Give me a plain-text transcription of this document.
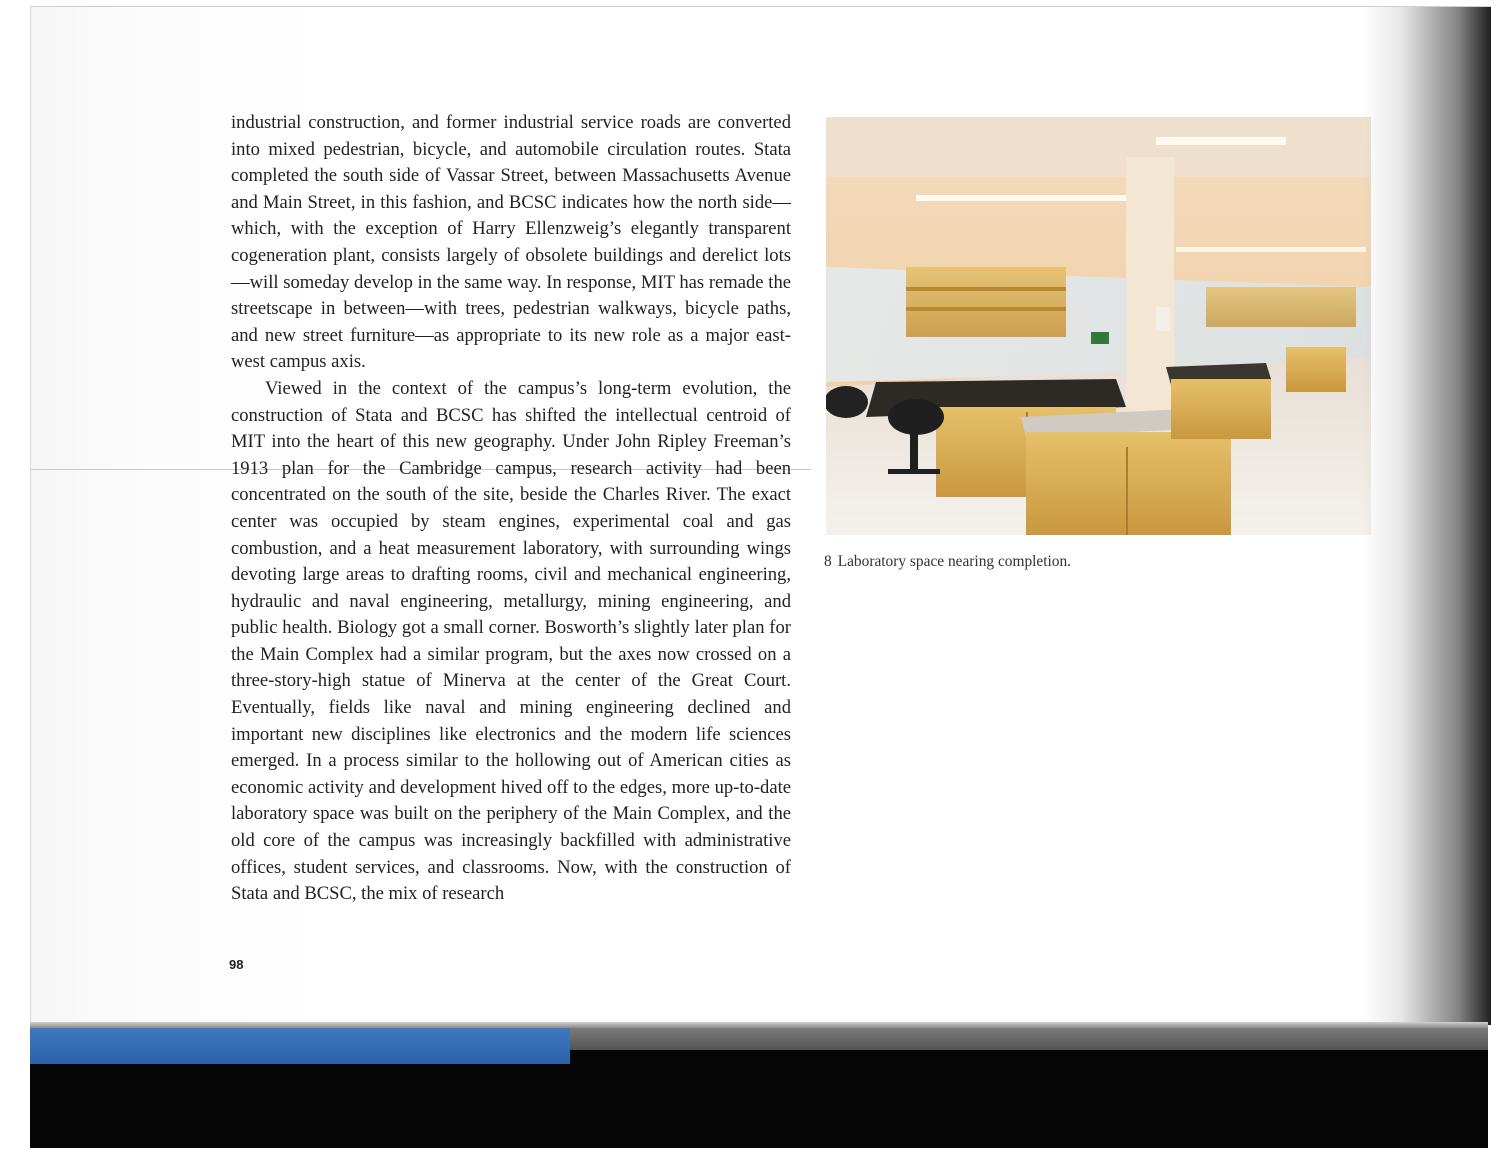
industrial construction, and former industrial service roads are converted into mixed pedestrian, bicycle, and automobile circulation routes. Stata completed the south side of Vassar Street, between Massachusetts Avenue and Main Street, in this fashion, and BCSC indicates how the north side—which, with the exception of Harry Ellenzweig’s elegantly transparent cogeneration plant, consists largely of obsolete buildings and derelict lots—will someday develop in the same way. In response, MIT has remade the streetscape in between—with trees, pedestrian walkways, bicycle paths, and new street furniture—as appropriate to its new role as a major east-west campus axis.

Viewed in the context of the campus’s long-term evolution, the construction of Stata and BCSC has shifted the intellectual centroid of MIT into the heart of this new geography. Under John Ripley Freeman’s 1913 plan for the Cambridge campus, research activity had been concentrated on the south of the site, beside the Charles River. The exact center was occupied by steam engines, experimental coal and gas combustion, and a heat measurement laboratory, with surrounding wings devoting large areas to drafting rooms, civil and mechanical engineering, hydraulic and naval engineering, metallurgy, mining engineering, and public health. Biology got a small corner. Bosworth’s slightly later plan for the Main Complex had a similar program, but the axes now crossed on a three-story-high statue of Minerva at the center of the Great Court. Eventually, fields like naval and mining engineering declined and important new disciplines like electronics and the modern life sciences emerged. In a process similar to the hollowing out of American cities as economic activity and development hived off to the edges, more up-to-date laboratory space was built on the periphery of the Main Complex, and the old core of the campus was increasingly backfilled with administrative offices, student services, and classrooms. Now, with the construction of Stata and BCSC, the mix of research

98
8 Laboratory space nearing completion.
